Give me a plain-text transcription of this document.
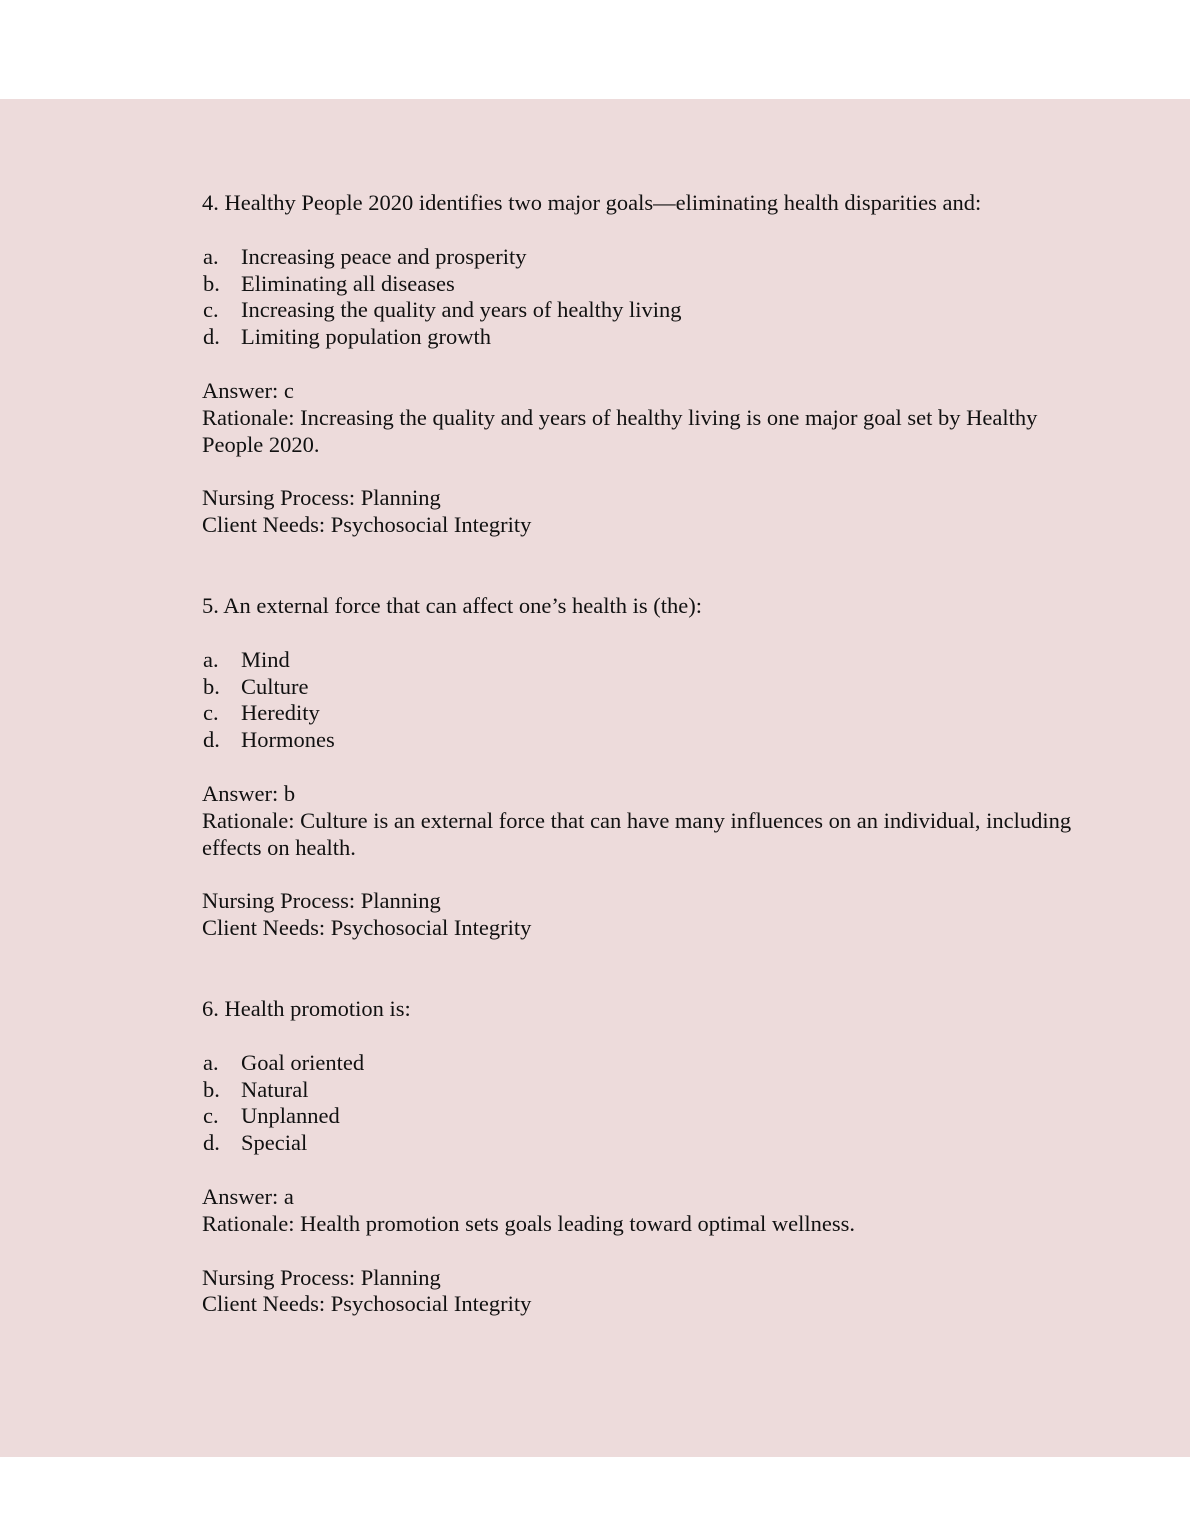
4. Healthy People 2020 identifies two major goals—eliminating health disparities and:

a. Increasing peace and prosperity
b. Eliminating all diseases
c. Increasing the quality and years of healthy living
d. Limiting population growth

Answer: c

Rationale: Increasing the quality and years of healthy living is one major goal set by Healthy People 2020.

Nursing Process: Planning

Client Needs: Psychosocial Integrity

5. An external force that can affect one’s health is (the):

a. Mind
b. Culture
c. Heredity
d. Hormones

Answer: b

Rationale: Culture is an external force that can have many influences on an individual, including effects on health.

Nursing Process: Planning

Client Needs: Psychosocial Integrity

6. Health promotion is:

a. Goal oriented
b. Natural
c. Unplanned
d. Special

Answer: a

Rationale: Health promotion sets goals leading toward optimal wellness.

Nursing Process: Planning

Client Needs: Psychosocial Integrity
